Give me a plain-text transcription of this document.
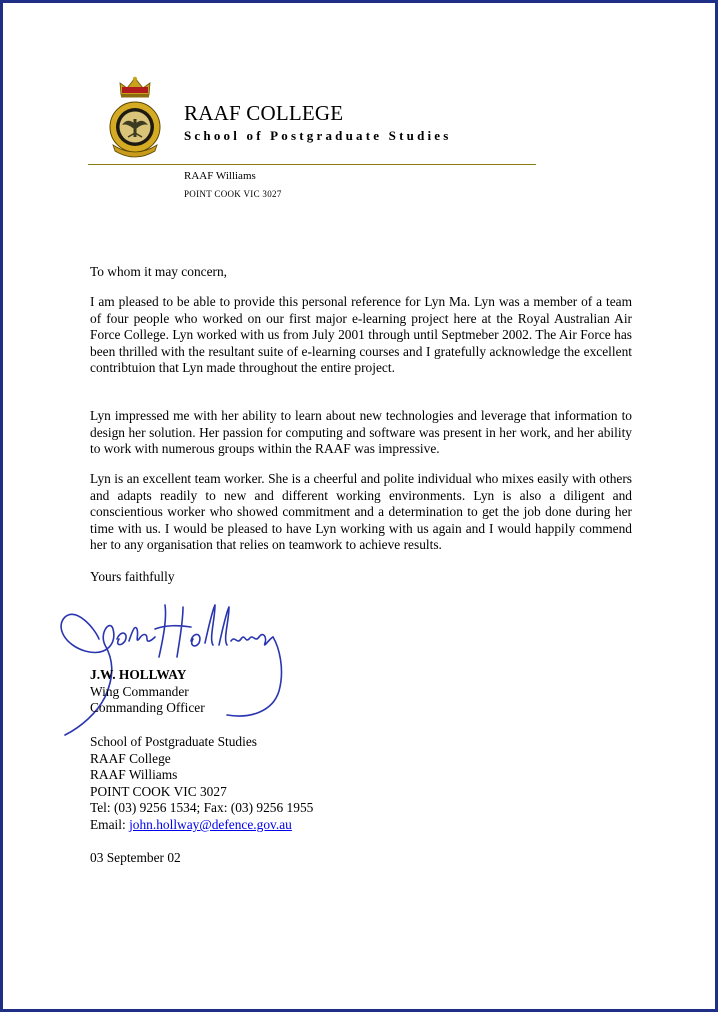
RAAF COLLEGE
School of Postgraduate Studies
RAAF Williams
POINT COOK VIC 3027
To whom it may concern,

I am pleased to be able to provide this personal reference for Lyn Ma. Lyn was a member of a team of four people who worked on our first major e-learning project here at the Royal Australian Air Force College. Lyn worked with us from July 2001 through until Septmeber 2002. The Air Force has been thrilled with the resultant suite of e-learning courses and I gratefully acknowledge the excellent contribtuion that Lyn made throughout the entire project.

Lyn impressed me with her ability to learn about new technologies and leverage that information to design her solution. Her passion for computing and software was present in her work, and her ability to work with numerous groups within the RAAF was impressive.

Lyn is an excellent team worker. She is a cheerful and polite individual who mixes easily with others and adapts readily to new and different working environments. Lyn is also a diligent and conscientious worker who showed commitment and a determination to get the job done during her time with us. I would be pleased to have Lyn working with us again and I would happily commend her to any organisation that relies on teamwork to achieve results.

Yours faithfully
J.W. HOLLWAY
Wing Commander
Commanding Officer
School of Postgraduate Studies
RAAF College
RAAF Williams
POINT COOK VIC 3027
Tel: (03) 9256 1534; Fax: (03) 9256 1955
Email: john.hollway@defence.gov.au
03 September 02
